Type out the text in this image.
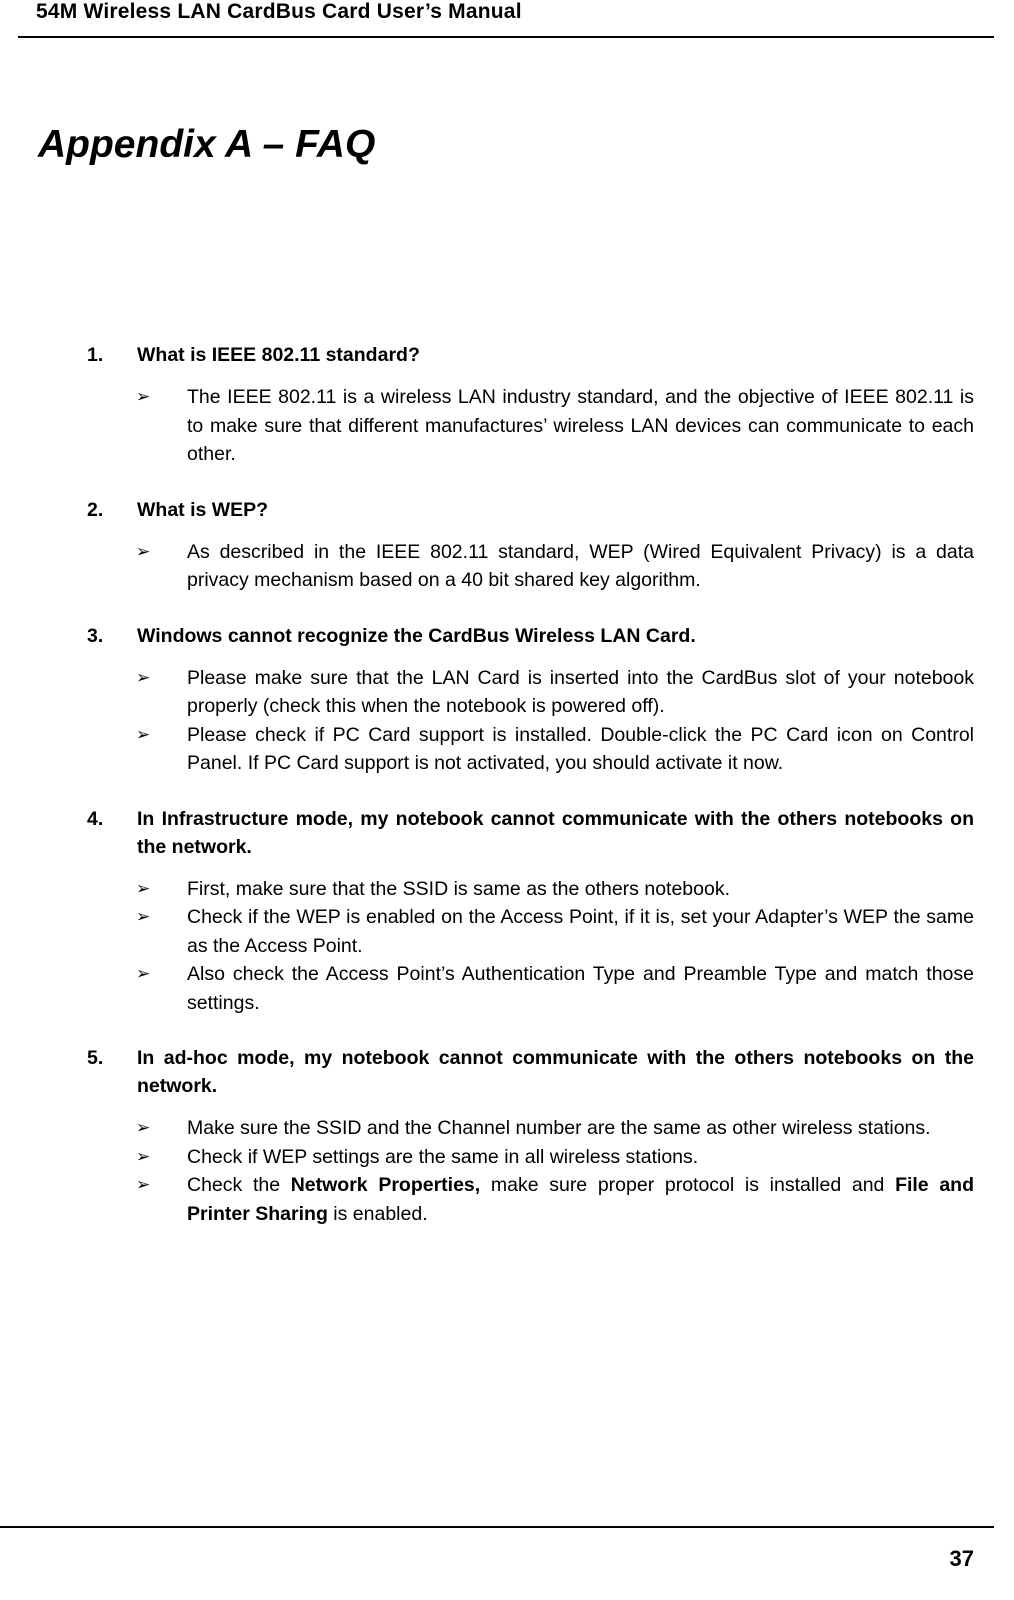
54M Wireless LAN CardBus Card User’s Manual
Appendix A – FAQ
1.	What is IEEE 802.11 standard?
➢	The IEEE 802.11 is a wireless LAN industry standard, and the objective of IEEE 802.11 is to make sure that different manufactures’ wireless LAN devices can communicate to each other.
2.	What is WEP?
➢	As described in the IEEE 802.11 standard, WEP (Wired Equivalent Privacy) is a data privacy mechanism based on a 40 bit shared key algorithm.
3.	Windows cannot recognize the CardBus Wireless LAN Card.
➢	Please make sure that the LAN Card is inserted into the CardBus slot of your notebook properly (check this when the notebook is powered off).
➢	Please check if PC Card support is installed. Double-click the PC Card icon on Control Panel. If PC Card support is not activated, you should activate it now.
4.	In Infrastructure mode, my notebook cannot communicate with the others notebooks on the network.
➢	First, make sure that the SSID is same as the others notebook.
➢	Check if the WEP is enabled on the Access Point, if it is, set your Adapter’s WEP the same as the Access Point.
➢	Also check the Access Point’s Authentication Type and Preamble Type and match those settings.
5.	In ad-hoc mode, my notebook cannot communicate with the others notebooks on the network.
➢	Make sure the SSID and the Channel number are the same as other wireless stations.
➢	Check if WEP settings are the same in all wireless stations.
➢	Check the Network Properties, make sure proper protocol is installed and File and Printer Sharing is enabled.
37
